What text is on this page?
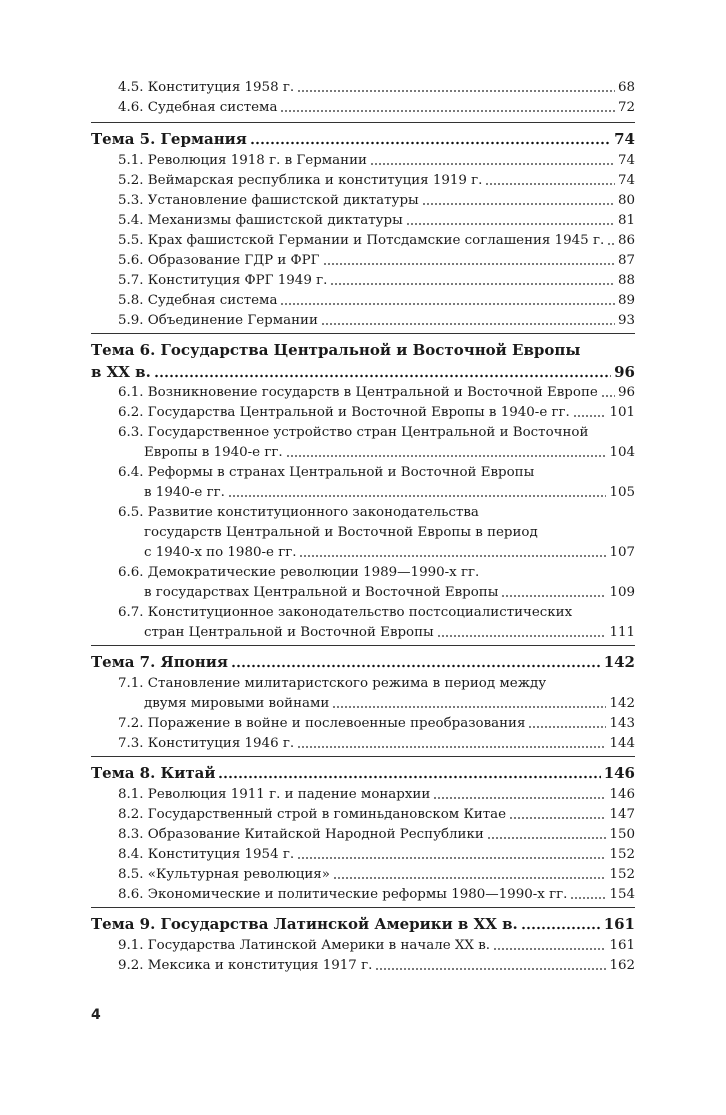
4.5. Конституция 1958 г.	68
4.6. Судебная система	72
Тема 5. Германия	74
5.1. Революция 1918 г. в Германии	74
5.2. Веймарская республика и конституция 1919 г.	74
5.3. Установление фашистской диктатуры	80
5.4. Механизмы фашистской диктатуры	81
5.5. Крах фашистской Германии и Потсдамские соглашения 1945 г. 86
5.6. Образование ГДР и ФРГ	87
5.7. Конституция ФРГ 1949 г.	88
5.8. Судебная система	89
5.9. Объединение Германии	93
Тема 6. Государства Центральной и Восточной Европы
в XX в.	96
6.1. Возникновение государств в Центральной и Восточной Европе 96
6.2. Государства Центральной и Восточной Европы в 1940-е гг.	101
6.3. Государственное устройство стран Центральной и Восточной
Европы в 1940-е гг.	104
6.4. Реформы в странах Центральной и Восточной Европы
в 1940-е гг.	105
6.5. Развитие конституционного законодательства
государств Центральной и Восточной Европы в период
с 1940-х по 1980-е гг.	107
6.6. Демократические революции 1989—1990-х гг.
в государствах Центральной и Восточной Европы	109
6.7. Конституционное законодательство постсоциалистических
стран Центральной и Восточной Европы	111
Тема 7. Япония	142
7.1. Становление милитаристского режима в период между
двумя мировыми войнами	142
7.2. Поражение в войне и послевоенные преобразования	143
7.3. Конституция 1946 г.	144
Тема 8. Китай	146
8.1. Революция 1911 г. и падение монархии	146
8.2. Государственный строй в гоминьдановском Китае	147
8.3. Образование Китайской Народной Республики	150
8.4. Конституция 1954 г.	152
8.5. «Культурная революция»	152
8.6. Экономические и политические реформы 1980—1990-х гг.	154
Тема 9. Государства Латинской Америки в XX в.	161
9.1. Государства Латинской Америки в начале XX в.	161
9.2. Мексика и конституция 1917 г.	162
4
